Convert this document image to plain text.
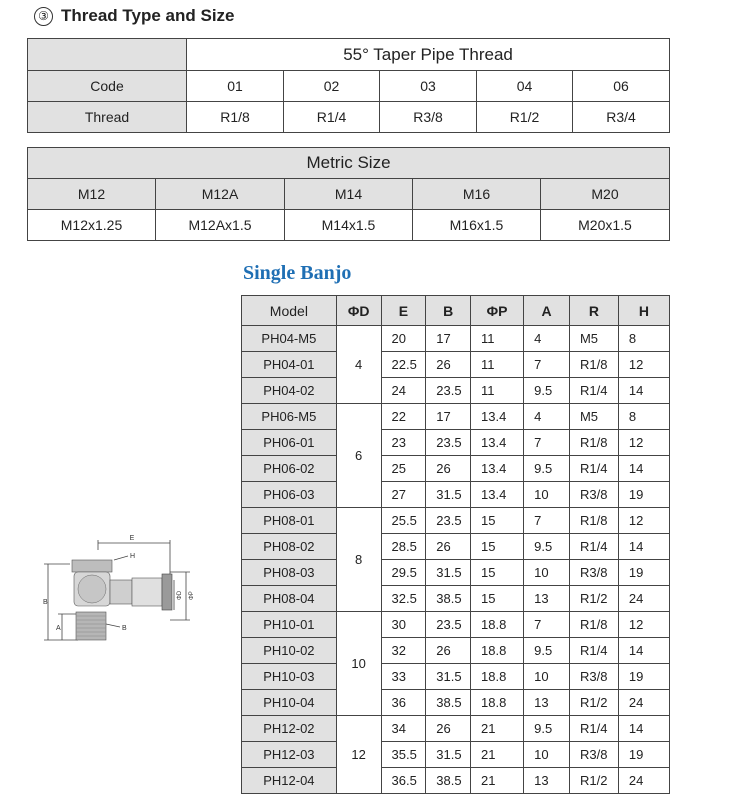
③ Thread Type and Size
	55° Taper Pipe Thread				
Code	01	02	03	04	06
Thread	R1/8	R1/4	R3/8	R1/2	R3/4
Metric Size				
M12	M12A	M14	M16	M20
M12x1.25	M12Ax1.5	M14x1.5	M16x1.5	M20x1.5
Single Banjo
E
H
B
A	B
ΦD ΦP
Model	ΦD	E	B	ΦP	A	R	H
PH04-M5	4	20	17	11	4	M5	8
PH04-01		22.5	26	11	7	R1/8	12
PH04-02		24	23.5	11	9.5	R1/4	14
PH06-M5	6	22	17	13.4	4	M5	8
PH06-01		23	23.5	13.4	7	R1/8	12
PH06-02		25	26	13.4	9.5	R1/4	14
PH06-03		27	31.5	13.4	10	R3/8	19
PH08-01	8	25.5	23.5	15	7	R1/8	12
PH08-02		28.5	26	15	9.5	R1/4	14
PH08-03		29.5	31.5	15	10	R3/8	19
PH08-04		32.5	38.5	15	13	R1/2	24
PH10-01	10	30	23.5	18.8	7	R1/8	12
PH10-02		32	26	18.8	9.5	R1/4	14
PH10-03		33	31.5	18.8	10	R3/8	19
PH10-04		36	38.5	18.8	13	R1/2	24
PH12-02	12	34	26	21	9.5	R1/4	14
PH12-03		35.5	31.5	21	10	R3/8	19
PH12-04		36.5	38.5	21	13	R1/2	24
